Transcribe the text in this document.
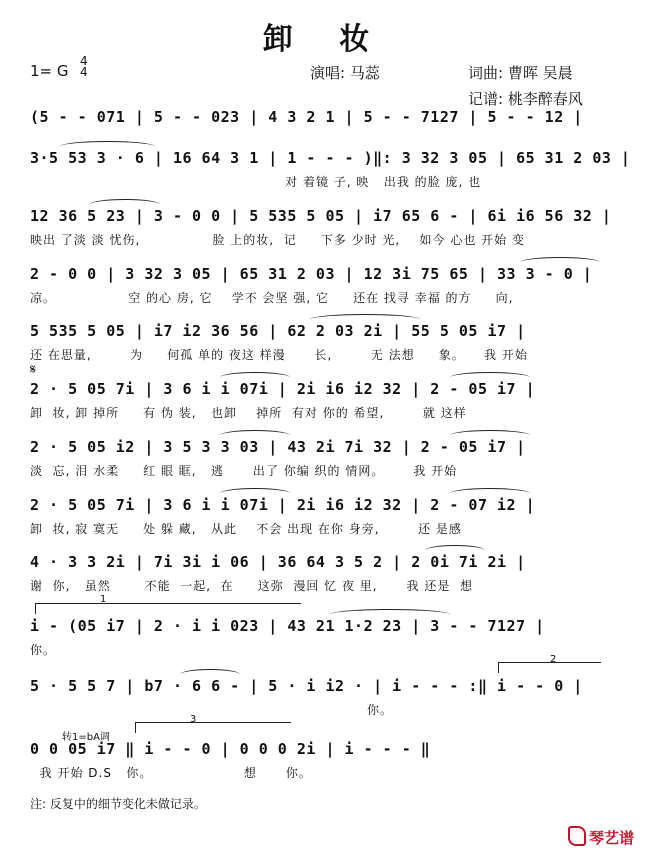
卸 妆
1= G
4
4	演唱: 马蕊	词曲: 曹晖 吴晨
记谱: 桃李醉春风
(5 - - 071 | 5 - - 023 | 4 3 2 1 | 5 - - 7127 | 5 - - 12 |
3·5 53 3 · 6 | 16 64 3 1 | 1 - - - )‖: 3 32 3 05 | 65 31 2 03 |
对 着镜 子, 映   出我 的脸 庞, 也
12 36 5 23 | 3 - 0 0 | 5 535 5 05 | i7 65 6 - | 6i i6 56 32 |
映出 了淡 淡 忧伤,               脸 上的妆,  记     下多 少时 光,    如今 心也 开始 变
2 - 0 0 | 3 32 3 05 | 65 31 2 03 | 12 3i 75 65 | 33 3 - 0 |
凉。               空 的心 房, 它    学不 会坚 强, 它     还在 找寻 幸福 的方     向,
5 535 5 05 | i7 i2 36 56 | 62 2 03 2i | 55 5 05 i7 |
还 在思量,        为     何孤 单的 夜这 样漫      长,        无 法想     象。    我 开始
𝄋
2 · 5 05 7i | 3 6 i i 07i | 2i i6 i2 32 | 2 - 05 i7 |
卸  妆, 卸 掉所     有 伪 装,   也卸    掉所  有对 你的 希望,        就 这样
2 · 5 05 i2 | 3 5 3 3 03 | 43 2i 7i 32 | 2 - 05 i7 |
淡  忘, 泪 水柔     红 眼 眶,   逃      出了 你编 织的 情网。      我 开始
2 · 5 05 7i | 3 6 i i 07i | 2i i6 i2 32 | 2 - 07 i2 |
卸  妆, 寂 寞无     处 躲 藏,   从此    不会 出现 在你 身旁,        还 是感
4 · 3 3 2i | 7i 3i i 06 | 36 64 3 5 2 | 2 0i 7i 2i |
谢  你,   虽然       不能  一起,  在     这弥  漫回 忆 夜 里,      我 还是  想
1
i - (05 i7 | 2 · i i 023 | 43 21 1·2 23 | 3 - - 7127 |
你。
2
5 · 5 5 7 | b7 · 6 6 - | 5 · i i2 · | i - - - :‖ i - - 0 |
你。
转1=bA调
3
0 0 05 i7 ‖ i - - 0 | 0 0 0 2i | i - - - ‖
我 开始 D.S   你。                   想      你。
注: 反复中的细节变化未做记录。
琴艺谱
